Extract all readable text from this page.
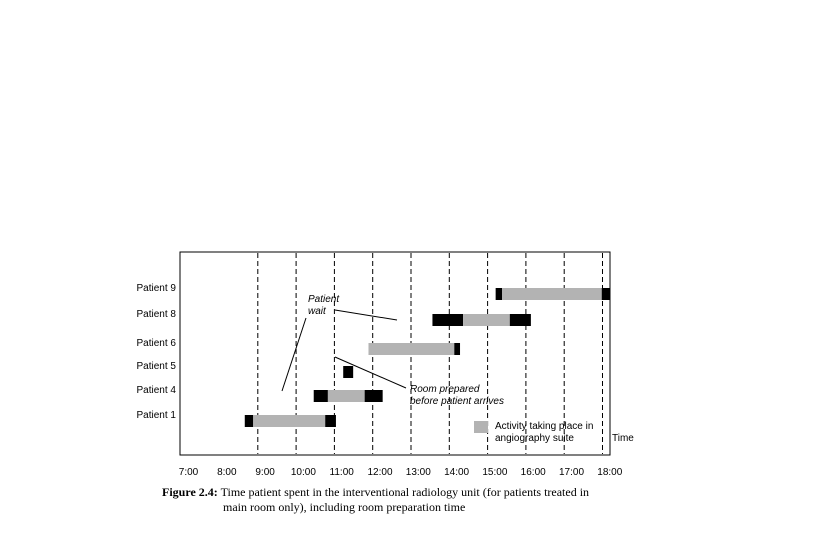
7:00 8:00 9:00 10:00 11:00 12:00 13:00 14:00 15:00 16:00 17:00 18:00
Patient 9
Patient 8
Patient 6
Patient 5
Patient 4
Patient 1
Patient
wait
Room prepared
before patient arrives
Activity taking place in
angiography suite	Time
Figure 2.4: Time patient spent in the interventional radiology unit (for patients treated in
main room only), including room preparation time
